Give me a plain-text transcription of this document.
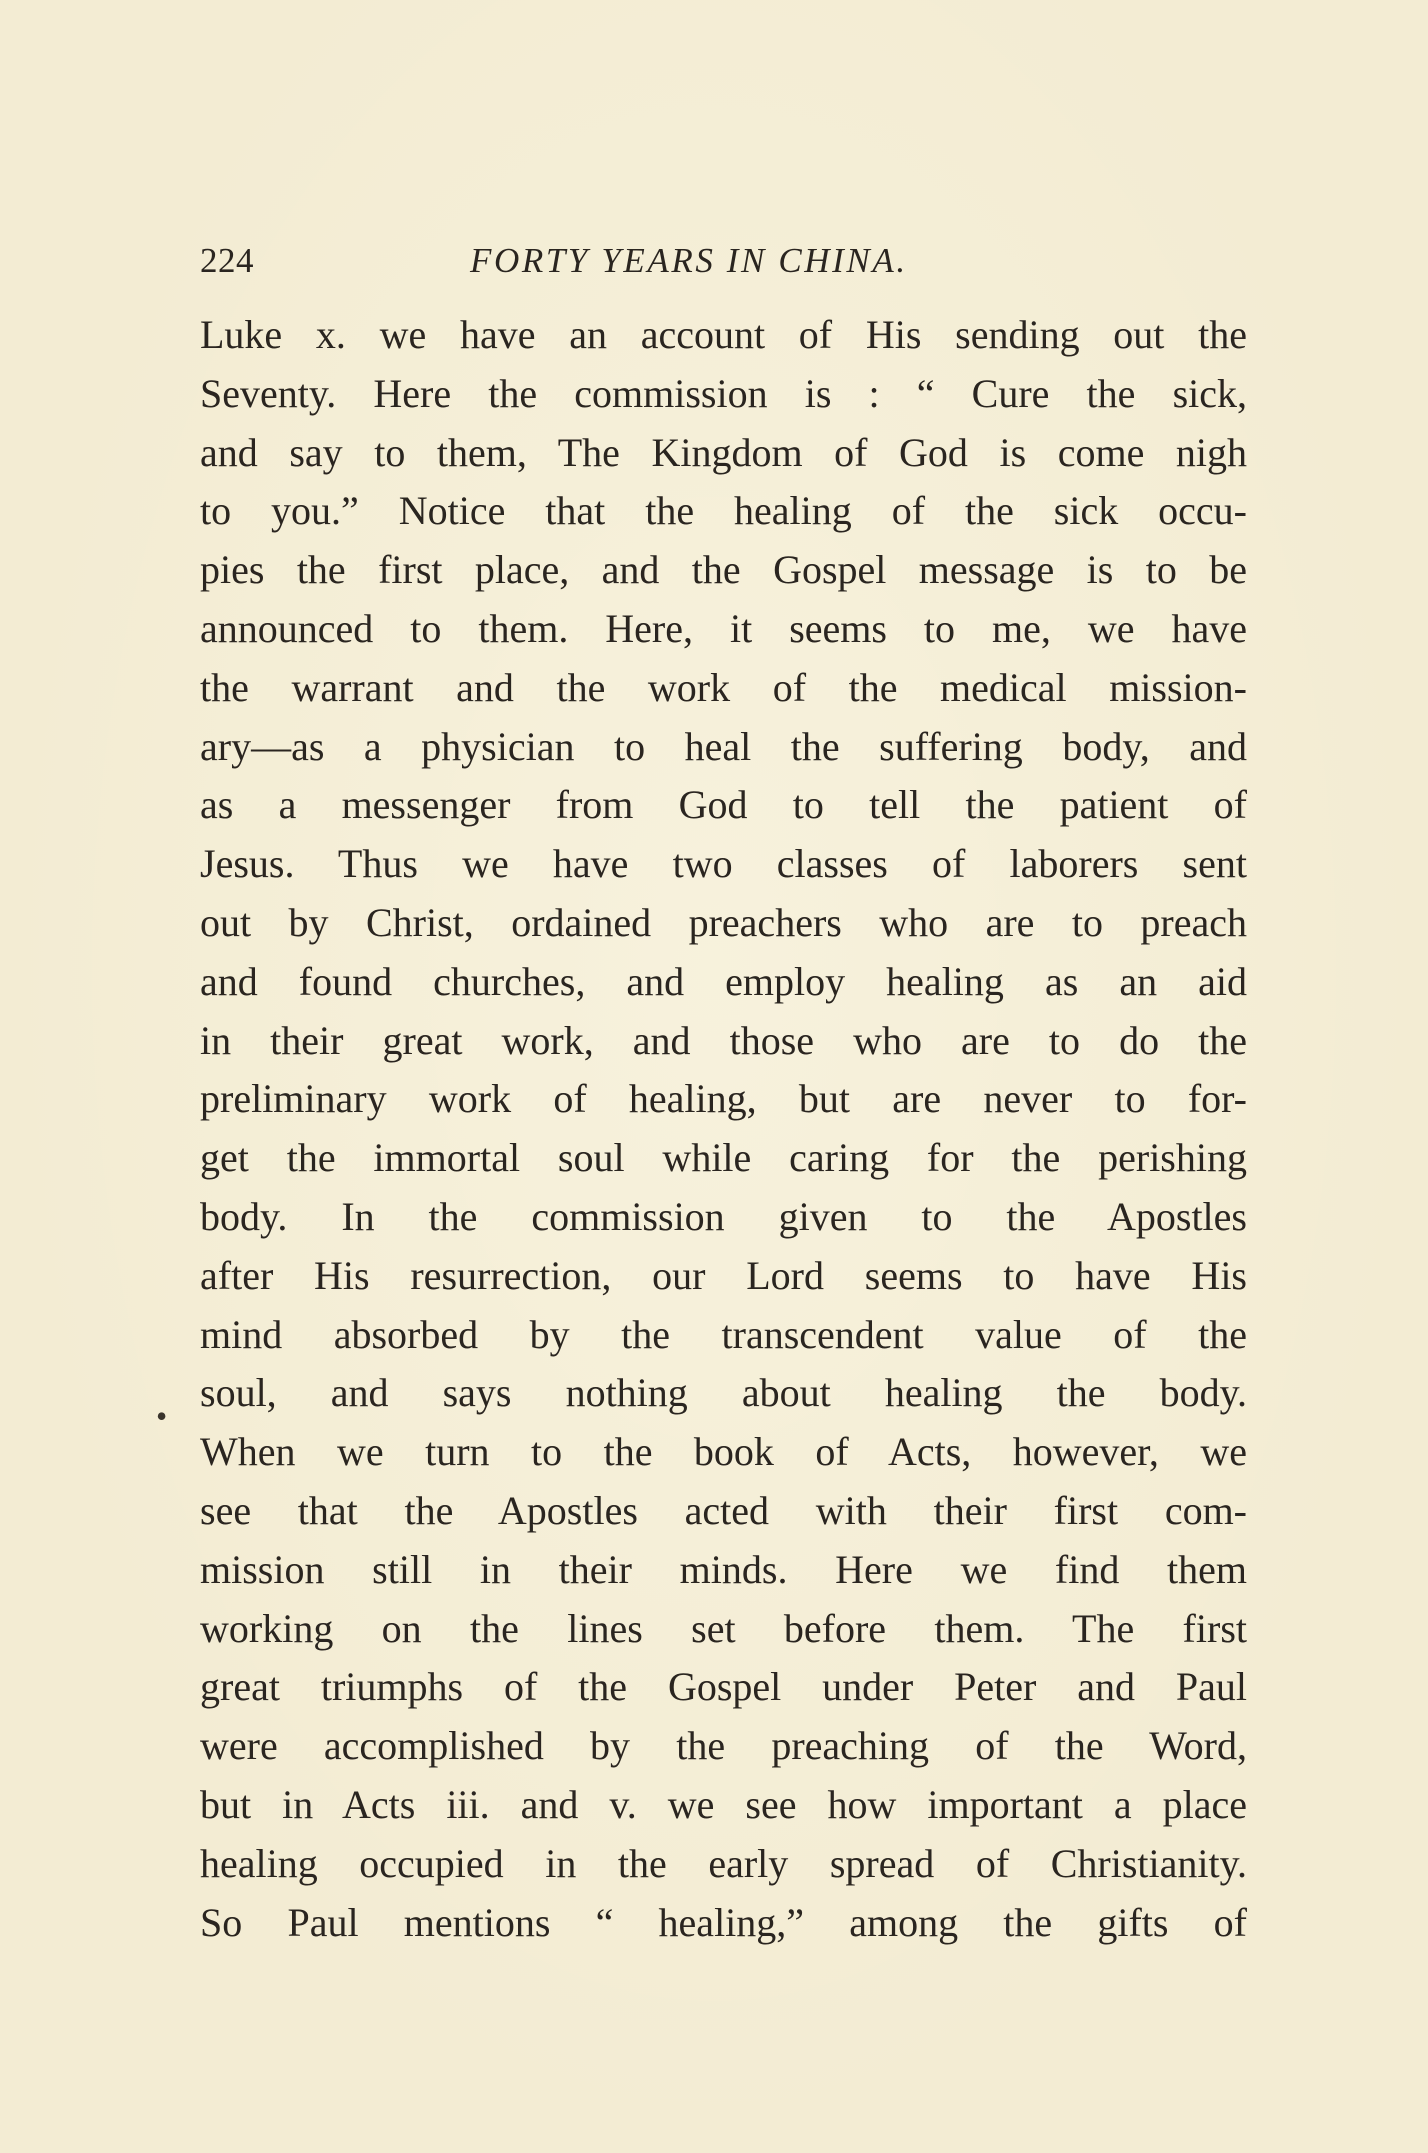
224	FORTY YEARS IN CHINA.
•
Luke x. we have an account of His sending out the
Seventy. Here the commission is : “ Cure the sick,
and say to them, The Kingdom of God is come nigh
to you.” Notice that the healing of the sick occu-
pies the first place, and the Gospel message is to be
announced to them. Here, it seems to me, we have
the warrant and the work of the medical mission-
ary—as a physician to heal the suffering body, and
as a messenger from God to tell the patient of
Jesus. Thus we have two classes of laborers sent
out by Christ, ordained preachers who are to preach
and found churches, and employ healing as an aid
in their great work, and those who are to do the
preliminary work of healing, but are never to for-
get the immortal soul while caring for the perishing
body. In the commission given to the Apostles
after His resurrection, our Lord seems to have His
mind absorbed by the transcendent value of the
soul, and says nothing about healing the body.
When we turn to the book of Acts, however, we
see that the Apostles acted with their first com-
mission still in their minds. Here we find them
working on the lines set before them. The first
great triumphs of the Gospel under Peter and Paul
were accomplished by the preaching of the Word,
but in Acts iii. and v. we see how important a place
healing occupied in the early spread of Christianity.
So Paul mentions “ healing,” among the gifts of
